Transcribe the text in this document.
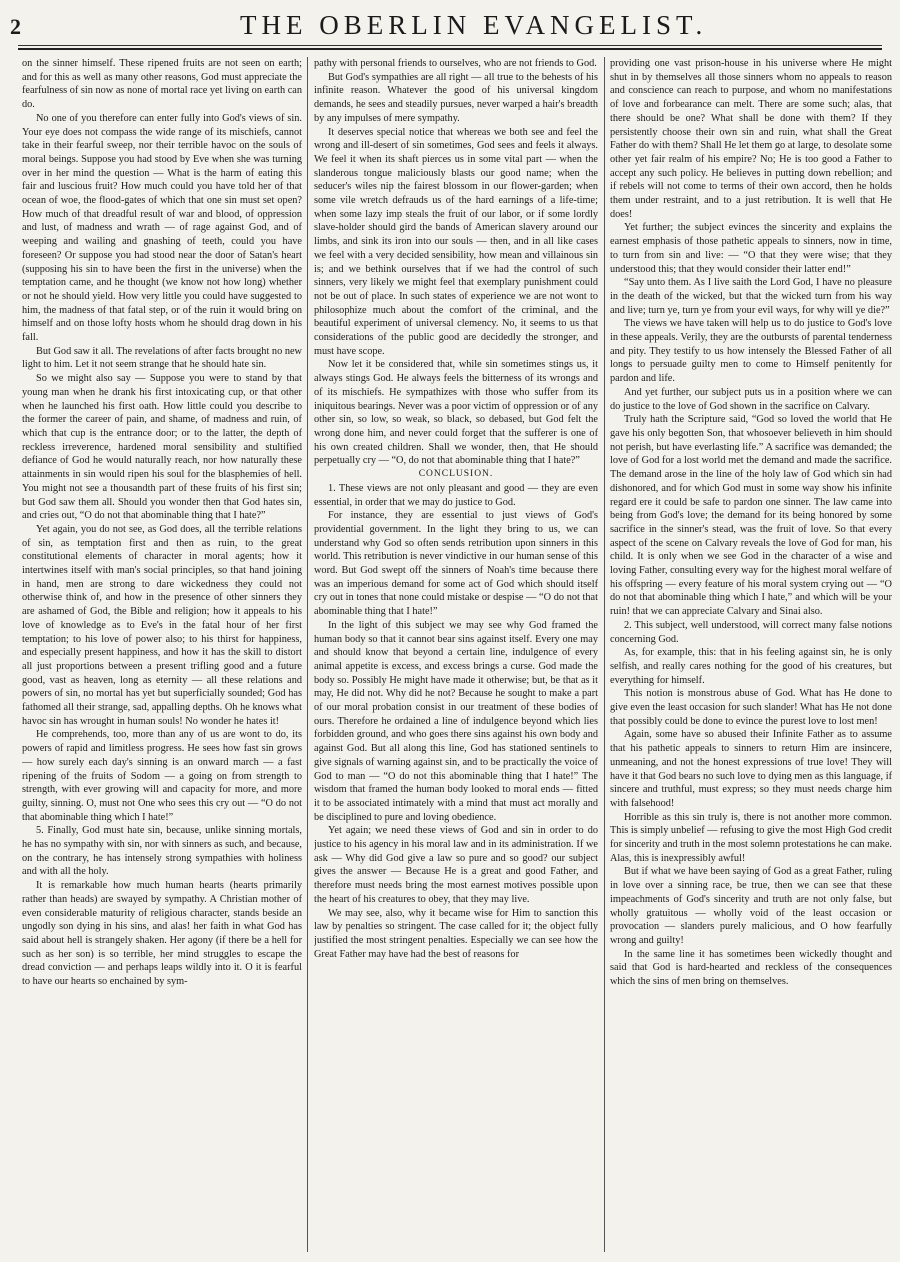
2	THE OBERLIN EVANGELIST.

on the sinner himself. These ripened fruits are not seen on earth; and for this as well as many other reasons, God must appreciate the fearfulness of sin now as none of mortal race yet living on earth can do.

No one of you therefore can enter fully into God's views of sin. Your eye does not compass the wide range of its mischiefs, cannot take in their fearful sweep, nor their terrible havoc on the souls of moral beings. Suppose you had stood by Eve when she was turning over in her mind the question — What is the harm of eating this fair and luscious fruit? How much could you have told her of that ocean of woe, the flood-gates of which that one sin must set open? How much of that dreadful result of war and blood, of oppression and lust, of madness and wrath — of rage against God, and of weeping and wailing and gnashing of teeth, could you have foreseen? Or suppose you had stood near the door of Satan's heart (supposing his sin to have been the first in the universe) when the temptation came, and he thought (we know not how long) whether or not he should yield. How very little you could have suggested to him, the madness of that fatal step, or of the ruin it would bring on himself and on those lofty hosts whom he should drag down in his fall.

But God saw it all. The revelations of after facts brought no new light to him. Let it not seem strange that he should hate sin.

So we might also say — Suppose you were to stand by that young man when he drank his first intoxicating cup, or that other when he launched his first oath. How little could you describe to the former the career of pain, and shame, of madness and ruin, of which that cup is the entrance door; or to the latter, the depth of reckless irreverence, hardened moral sensibility and stultified defiance of God he would naturally reach, nor how naturally these attainments in sin would ripen his soul for the blasphemies of hell. You might not see a thousandth part of these fruits of his first sin; but God saw them all. Should you wonder then that God hates sin, and cries out, “O do not that abominable thing that I hate?”

Yet again, you do not see, as God does, all the terrible relations of sin, as temptation first and then as ruin, to the great constitutional elements of character in moral agents; how it intertwines itself with man's social principles, so that hand joining in hand, men are strong to dare wickedness they could not otherwise think of, and how in the presence of other sinners they are ashamed of God, the Bible and religion; how it appeals to his love of knowledge as to Eve's in the fatal hour of her first temptation; to his love of power also; to his thirst for happiness, and especially present happiness, and how it has the skill to distort all just proportions between a present trifling good and a future good, vast as heaven, long as eternity — all these relations and powers of sin, no mortal has yet but superficially sounded; God has fathomed all their strange, sad, appalling depths. Oh he knows what havoc sin has wrought in human souls! No wonder he hates it!

He comprehends, too, more than any of us are wont to do, its powers of rapid and limitless progress. He sees how fast sin grows — how surely each day's sinning is an onward march — a fast ripening of the fruits of Sodom — a going on from strength to strength, with ever growing will and capacity for more, and more guilty, sinning. O, must not One who sees this cry out — “O do not that abominable thing which I hate!”

5. Finally, God must hate sin, because, unlike sinning mortals, he has no sympathy with sin, nor with sinners as such, and because, on the contrary, he has intensely strong sympathies with holiness and with all the holy.

It is remarkable how much human hearts (hearts primarily rather than heads) are swayed by sympathy. A Christian mother of even considerable maturity of religious character, stands beside an ungodly son dying in his sins, and alas! her faith in what God has said about hell is strangely shaken. Her agony (if there be a hell for such as her son) is so terrible, her mind struggles to escape the dread conviction — and perhaps leaps wildly into it. O it is fearful to have our hearts so enchained by sym-

pathy with personal friends to ourselves, who are not friends to God.

But God's sympathies are all right — all true to the behests of his infinite reason. Whatever the good of his universal kingdom demands, he sees and steadily pursues, never warped a hair's breadth by any impulses of mere sympathy.

It deserves special notice that whereas we both see and feel the wrong and ill-desert of sin sometimes, God sees and feels it always. We feel it when its shaft pierces us in some vital part — when the slanderous tongue maliciously blasts our good name; when the seducer's wiles nip the fairest blossom in our flower-garden; when some vile wretch defrauds us of the hard earnings of a life-time; when some lazy imp steals the fruit of our labor, or if some lordly slave-holder should gird the bands of American slavery around our limbs, and sink its iron into our souls — then, and in all like cases we feel with a very decided sensibility, how mean and villainous sin is; and we bethink ourselves that if we had the control of such sinners, very likely we might feel that exemplary punishment could not be out of place. In such states of experience we are not wont to philosophize much about the comfort of the criminal, and the beautiful experiment of universal clemency. No, it seems to us that considerations of the public good are decidedly the stronger, and must have scope.

Now let it be considered that, while sin sometimes stings us, it always stings God. He always feels the bitterness of its wrongs and of its mischiefs. He sympathizes with those who suffer from its iniquitous bearings. Never was a poor victim of oppression or of any other sin, so low, so weak, so black, so debased, but God felt the wrong done him, and never could forget that the sufferer is one of his own created children. Shall we wonder, then, that He should perpetually cry — “O, do not that abominable thing that I hate?”

CONCLUSION.

1. These views are not only pleasant and good — they are even essential, in order that we may do justice to God.

For instance, they are essential to just views of God's providential government. In the light they bring to us, we can understand why God so often sends retribution upon sinners in this world. This retribution is never vindictive in our human sense of this word. But God swept off the sinners of Noah's time because there was an imperious demand for some act of God which should itself cry out in tones that none could mistake or despise — “O do not that abominable thing that I hate!”

In the light of this subject we may see why God framed the human body so that it cannot bear sins against itself. Every one may and should know that beyond a certain line, indulgence of every animal appetite is excess, and excess brings a curse. God made the body so. Possibly He might have made it otherwise; but, be that as it may, He did not. Why did he not? Because he sought to make a part of our moral probation consist in our treatment of these bodies of ours. Therefore he ordained a line of indulgence beyond which lies forbidden ground, and who goes there sins against his own body and against God. But all along this line, God has stationed sentinels to give signals of warning against sin, and to be practically the voice of God to man — “O do not this abominable thing that I hate!” The wisdom that framed the human body looked to moral ends — fitted it to be associated intimately with a mind that must act morally and be disciplined to pure and loving obedience.

Yet again; we need these views of God and sin in order to do justice to his agency in his moral law and in its administration. If we ask — Why did God give a law so pure and so good? our subject gives the answer — Because He is a great and good Father, and therefore must needs bring the most earnest motives possible upon the heart of his creatures to obey, that they may live.

We may see, also, why it became wise for Him to sanction this law by penalties so stringent. The case called for it; the object fully justified the most stringent penalties. Especially we can see how the Great Father may have had the best of reasons for

providing one vast prison-house in his universe where He might shut in by themselves all those sinners whom no appeals to reason and conscience can reach to purpose, and whom no manifestations of love and forbearance can melt. There are some such; alas, that there should be one? What shall be done with them? If they persistently choose their own sin and ruin, what shall the Great Father do with them? Shall He let them go at large, to desolate some other yet fair realm of his empire? No; He is too good a Father to accept any such policy. He believes in putting down rebellion; and if rebels will not come to terms of their own accord, then he holds them under restraint, and to a just retribution. It is well that He does!

Yet further; the subject evinces the sincerity and explains the earnest emphasis of those pathetic appeals to sinners, now in time, to turn from sin and live: — “O that they were wise; that they understood this; that they would consider their latter end!”

“Say unto them. As I live saith the Lord God, I have no pleasure in the death of the wicked, but that the wicked turn from his way and live; turn ye, turn ye from your evil ways, for why will ye die?”

The views we have taken will help us to do justice to God's love in these appeals. Verily, they are the outbursts of parental tenderness and pity. They testify to us how intensely the Blessed Father of all longs to persuade guilty men to come to Himself penitently for pardon and life.

And yet further, our subject puts us in a position where we can do justice to the love of God shown in the sacrifice on Calvary.

Truly hath the Scripture said, “God so loved the world that He gave his only begotten Son, that whosoever believeth in him should not perish, but have everlasting life.” A sacrifice was demanded; the love of God for a lost world met the demand and made the sacrifice. The demand arose in the line of the holy law of God which sin had dishonored, and for which God must in some way show his infinite regard ere it could be safe to pardon one sinner. The law came into being from God's love; the demand for its being honored by some sacrifice in the sinner's stead, was the fruit of love. So that every aspect of the scene on Calvary reveals the love of God for man, his child. It is only when we see God in the character of a wise and loving Father, consulting every way for the highest moral welfare of his offspring — every feature of his moral system crying out — “O do not that abominable thing which I hate,” and which will be your ruin! that we can appreciate Calvary and Sinai also.

2. This subject, well understood, will correct many false notions concerning God.

As, for example, this: that in his feeling against sin, he is only selfish, and really cares nothing for the good of his creatures, but everything for himself.

This notion is monstrous abuse of God. What has He done to give even the least occasion for such slander! What has He not done that possibly could be done to evince the purest love to lost men!

Again, some have so abused their Infinite Father as to assume that his pathetic appeals to sinners to return Him are insincere, unmeaning, and not the honest expressions of true love! They will have it that God bears no such love to dying men as this language, if sincere and truthful, must express; so they must needs charge him with falsehood!

Horrible as this sin truly is, there is not another more common. This is simply unbelief — refusing to give the most High God credit for sincerity and truth in the most solemn protestations he can make. Alas, this is inexpressibly awful!

But if what we have been saying of God as a great Father, ruling in love over a sinning race, be true, then we can see that these impeachments of God's sincerity and truth are not only false, but wholly gratuitous — wholly void of the least occasion or provocation — slanders purely malicious, and O how fearfully wrong and guilty!

In the same line it has sometimes been wickedly thought and said that God is hard-hearted and reckless of the consequences which the sins of men bring on themselves.
